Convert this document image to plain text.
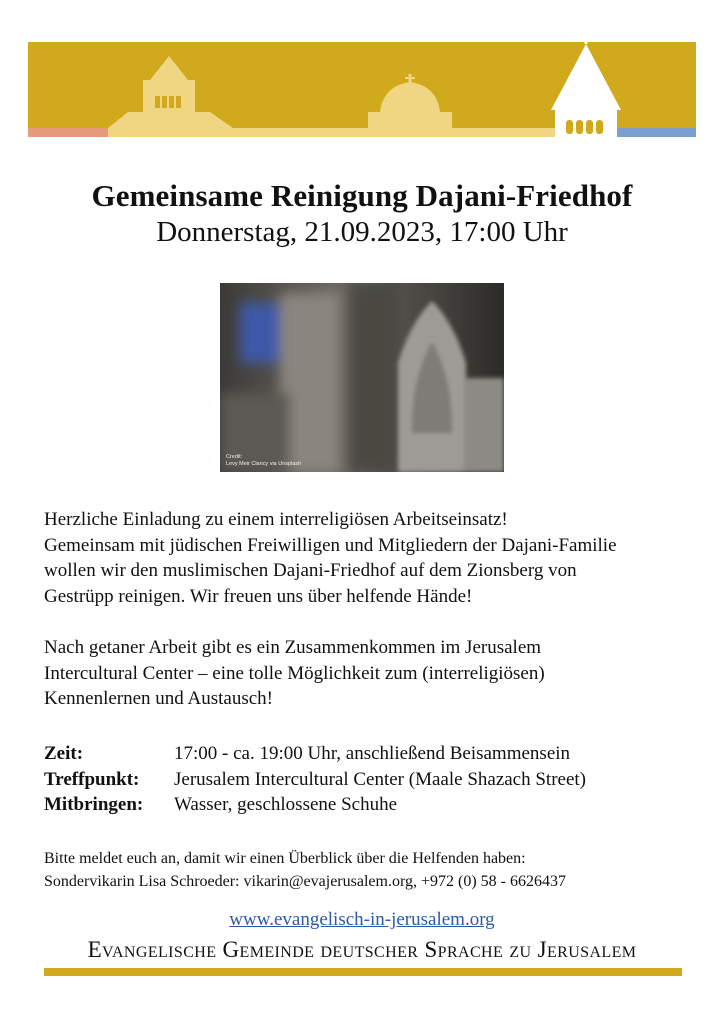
Gemeinsame Reinigung Dajani-Friedhof
Donnerstag, 21.09.2023, 17:00 Uhr
Credit:
Levy Meir Clancy via Unsplash
Herzliche Einladung zu einem interreligiösen Arbeitseinsatz!
Gemeinsam mit jüdischen Freiwilligen und Mitgliedern der Dajani-Familie
wollen wir den muslimischen Dajani-Friedhof auf dem Zionsberg von
Gestrüpp reinigen. Wir freuen uns über helfende Hände!
Nach getaner Arbeit gibt es ein Zusammenkommen im Jerusalem
Intercultural Center – eine tolle Möglichkeit zum (interreligiösen)
Kennenlernen und Austausch!
Zeit:	17:00 - ca. 19:00 Uhr, anschließend Beisammensein
Treffpunkt:	Jerusalem Intercultural Center (Maale Shazach Street)
Mitbringen:	Wasser, geschlossene Schuhe
Bitte meldet euch an, damit wir einen Überblick über die Helfenden haben:
Sondervikarin Lisa Schroeder: vikarin@evajerusalem.org, +972 (0) 58 - 6626437
www.evangelisch-in-jerusalem.org
Evangelische Gemeinde deutscher Sprache zu Jerusalem
